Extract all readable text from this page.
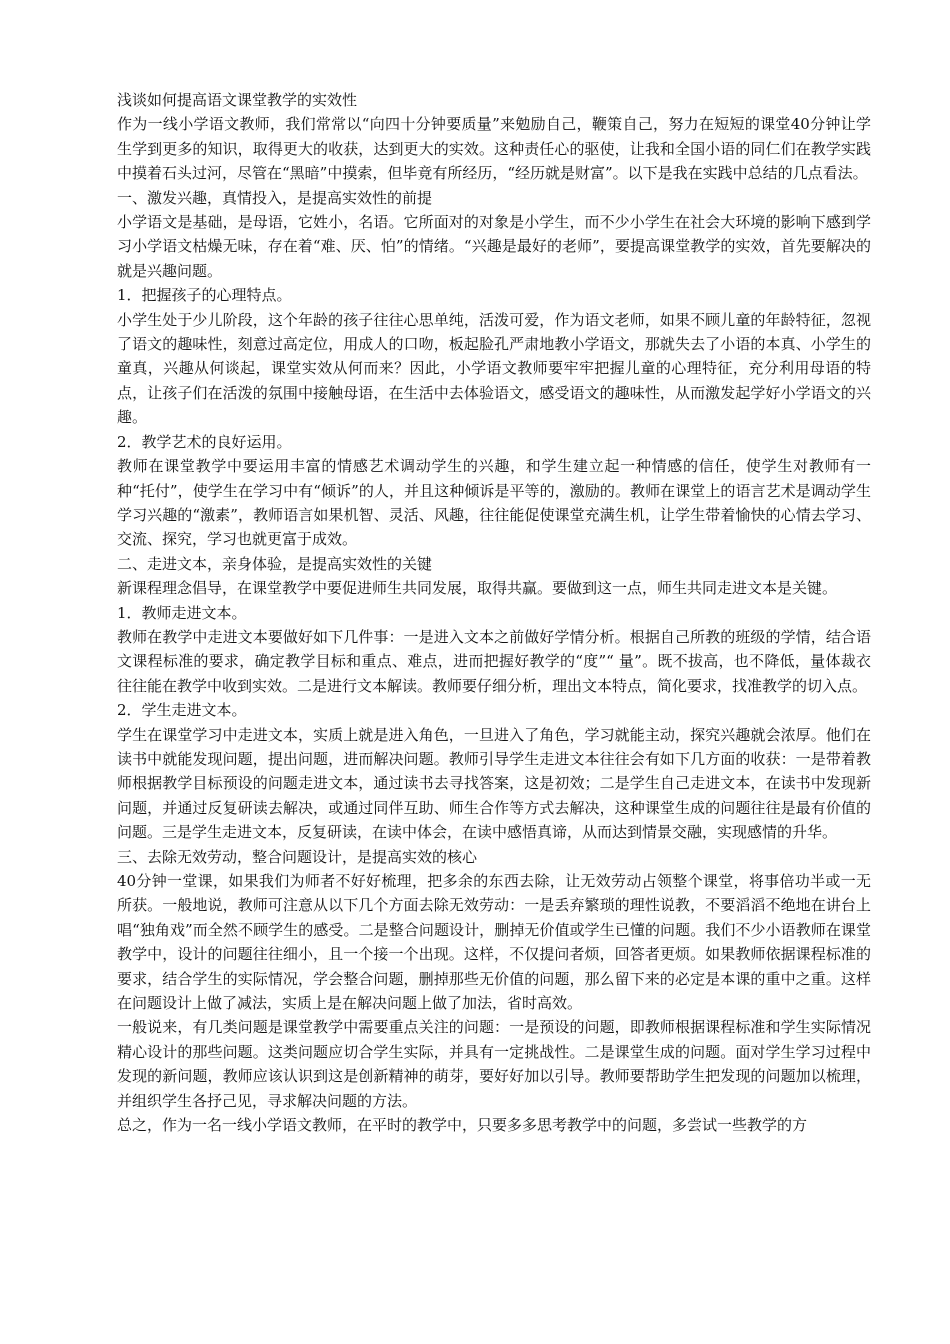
浅谈如何提高语文课堂教学的实效性

作为一线小学语文教师，我们常常以“向四十分钟要质量”来勉励自己，鞭策自己，努力在短短的课堂40分钟让学生学到更多的知识，取得更大的收获，达到更大的实效。这种责任心的驱使，让我和全国小语的同仁们在教学实践中摸着石头过河，尽管在“黑暗”中摸索，但毕竟有所经历，“经历就是财富”。以下是我在实践中总结的几点看法。

一、激发兴趣，真情投入，是提高实效性的前提

小学语文是基础，是母语，它姓小，名语。它所面对的对象是小学生，而不少小学生在社会大环境的影响下感到学习小学语文枯燥无味，存在着“难、厌、怕”的情绪。“兴趣是最好的老师”，要提高课堂教学的实效，首先要解决的就是兴趣问题。

1．把握孩子的心理特点。

小学生处于少儿阶段，这个年龄的孩子往往心思单纯，活泼可爱，作为语文老师，如果不顾儿童的年龄特征，忽视了语文的趣味性，刻意过高定位，用成人的口吻，板起脸孔严肃地教小学语文，那就失去了小语的本真、小学生的童真，兴趣从何谈起，课堂实效从何而来？因此，小学语文教师要牢牢把握儿童的心理特征，充分利用母语的特点，让孩子们在活泼的氛围中接触母语，在生活中去体验语文，感受语文的趣味性，从而激发起学好小学语文的兴趣。

2．教学艺术的良好运用。

教师在课堂教学中要运用丰富的情感艺术调动学生的兴趣，和学生建立起一种情感的信任，使学生对教师有一种“托付”，使学生在学习中有“倾诉”的人，并且这种倾诉是平等的，激励的。教师在课堂上的语言艺术是调动学生学习兴趣的“激素”，教师语言如果机智、灵活、风趣，往往能促使课堂充满生机，让学生带着愉快的心情去学习、交流、探究，学习也就更富于成效。

二、走进文本，亲身体验，是提高实效性的关键

新课程理念倡导，在课堂教学中要促进师生共同发展，取得共赢。要做到这一点，师生共同走进文本是关键。

1．教师走进文本。

教师在教学中走进文本要做好如下几件事：一是进入文本之前做好学情分析。根据自己所教的班级的学情，结合语文课程标准的要求，确定教学目标和重点、难点，进而把握好教学的“度”“ 量”。既不拔高，也不降低，量体裁衣往往能在教学中收到实效。二是进行文本解读。教师要仔细分析，理出文本特点，简化要求，找准教学的切入点。

2．学生走进文本。

学生在课堂学习中走进文本，实质上就是进入角色，一旦进入了角色，学习就能主动，探究兴趣就会浓厚。他们在读书中就能发现问题，提出问题，进而解决问题。教师引导学生走进文本往往会有如下几方面的收获：一是带着教师根据教学目标预设的问题走进文本，通过读书去寻找答案，这是初效；二是学生自己走进文本，在读书中发现新问题，并通过反复研读去解决，或通过同伴互助、师生合作等方式去解决，这种课堂生成的问题往往是最有价值的问题。三是学生走进文本，反复研读，在读中体会，在读中感悟真谛，从而达到情景交融，实现感情的升华。

三、去除无效劳动，整合问题设计，是提高实效的核心

40分钟一堂课，如果我们为师者不好好梳理，把多余的东西去除，让无效劳动占领整个课堂，将事倍功半或一无所获。一般地说，教师可注意从以下几个方面去除无效劳动：一是丢弃繁琐的理性说教，不要滔滔不绝地在讲台上唱“独角戏”而全然不顾学生的感受。二是整合问题设计，删掉无价值或学生已懂的问题。我们不少小语教师在课堂教学中，设计的问题往往细小，且一个接一个出现。这样，不仅提问者烦，回答者更烦。如果教师依据课程标准的要求，结合学生的实际情况，学会整合问题，删掉那些无价值的问题，那么留下来的必定是本课的重中之重。这样在问题设计上做了减法，实质上是在解决问题上做了加法，省时高效。

一般说来，有几类问题是课堂教学中需要重点关注的问题：一是预设的问题，即教师根据课程标准和学生实际情况精心设计的那些问题。这类问题应切合学生实际，并具有一定挑战性。二是课堂生成的问题。面对学生学习过程中发现的新问题，教师应该认识到这是创新精神的萌芽，要好好加以引导。教师要帮助学生把发现的问题加以梳理，并组织学生各抒己见，寻求解决问题的方法。

总之，作为一名一线小学语文教师，在平时的教学中，只要多多思考教学中的问题，多尝试一些教学的方
